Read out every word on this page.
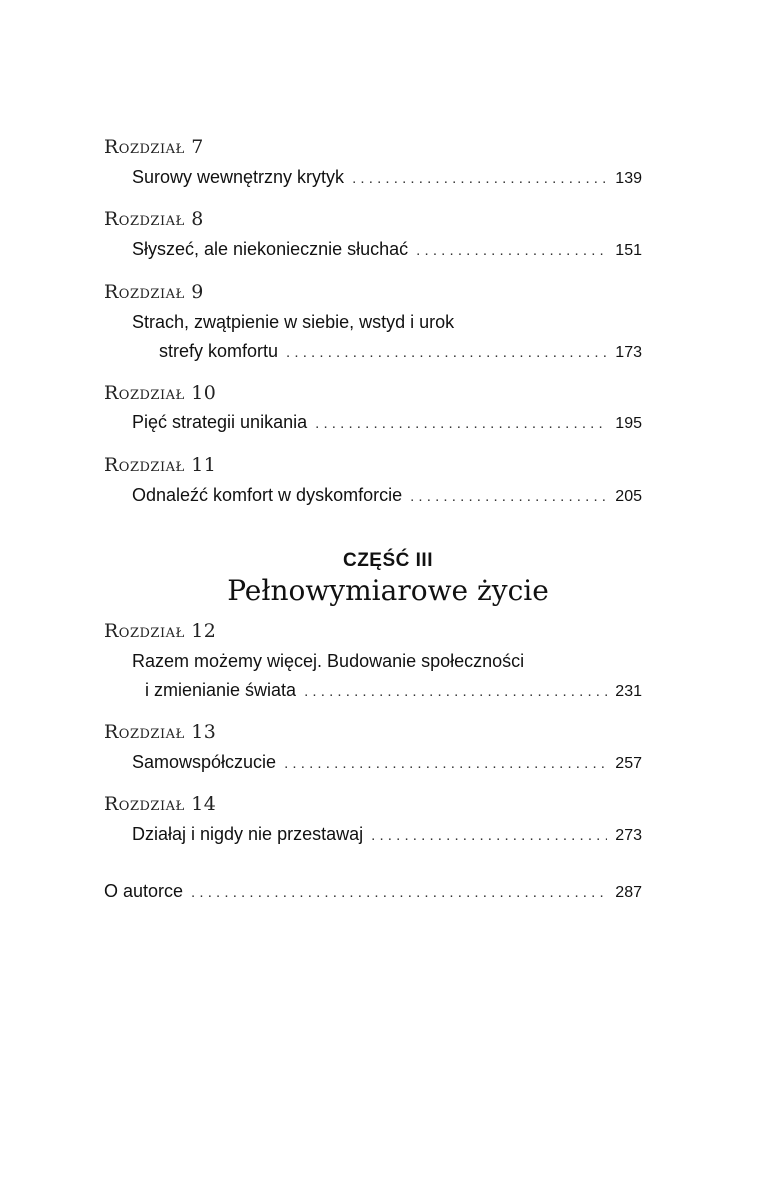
Rozdział 7
Surowy wewnętrzny krytyk . . .	139
Rozdział 8
Słyszeć, ale niekoniecznie słuchać . . .	151
Rozdział 9
Strach, zwątpienie w siebie, wstyd i urok
strefy komfortu . . .	173
Rozdział 10
Pięć strategii unikania . . .	195
Rozdział 11
Odnaleźć komfort w dyskomforcie . . .	205
CZĘŚĆ III
Pełnowymiarowe życie
Rozdział 12
Razem możemy więcej. Budowanie społeczności
i zmienianie świata . . .	231
Rozdział 13
Samowspółczucie . . .	257
Rozdział 14
Działaj i nigdy nie przestawaj . . .	273
O autorce . . .	287
